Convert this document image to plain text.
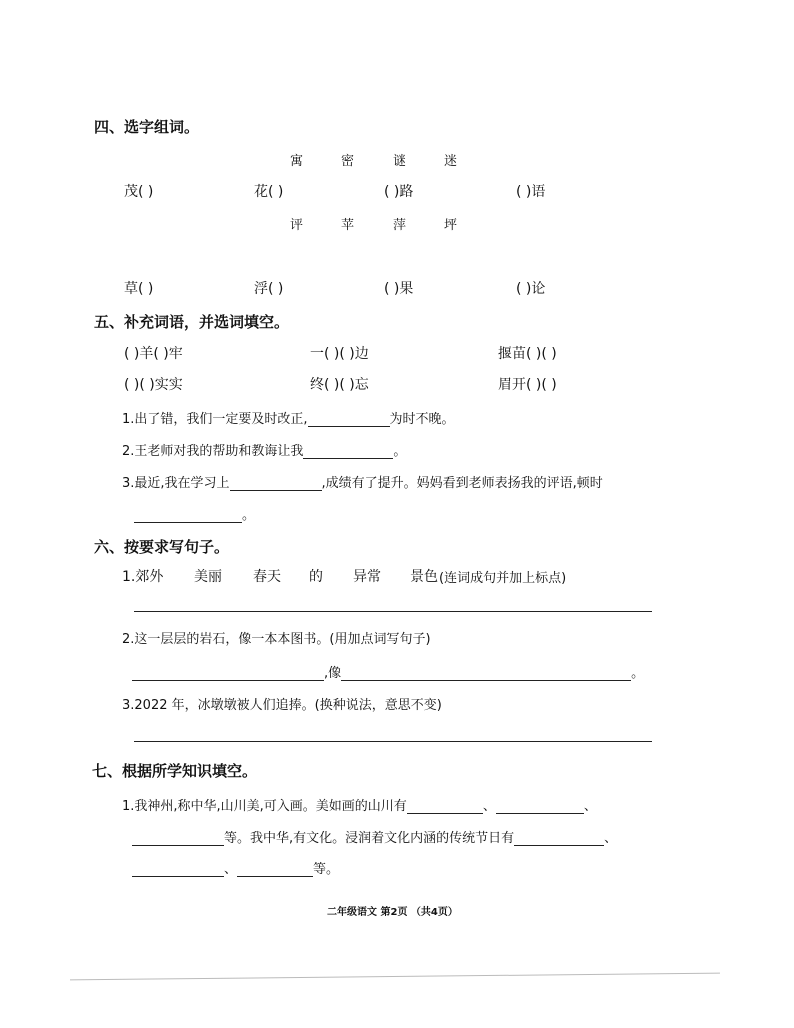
四、选字组词。
寓	密	谜	迷
茂( )	花( )	( )路	( )语
评	苹	萍	坪
草( )	浮( )	( )果	( )论
五、补充词语，并选词填空。
( )羊( )牢	一( )( )边	揠苗( )( )
( )( )实实	终( )( )忘	眉开( )( )
1.出了错，我们一定要及时改正,	为时不晚。
2.王老师对我的帮助和教诲让我	。
3.最近,我在学习上	,成绩有了提升。妈妈看到老师表扬我的评语,顿时
。
六、按要求写句子。
1.郊外 美丽 春天 的 异常 景色 (连词成句并加上标点)
2.这一层层的岩石，像一本本图书。(用加点词写句子)
,像	。
3.2022 年，冰墩墩被人们追捧。(换种说法，意思不变)
七、根据所学知识填空。
1.我神州,称中华,山川美,可入画。美如画的山川有	、	、
等。我中华,有文化。浸润着文化内涵的传统节日有	、
、	等。
二年级语文 第2页 （共4页）
